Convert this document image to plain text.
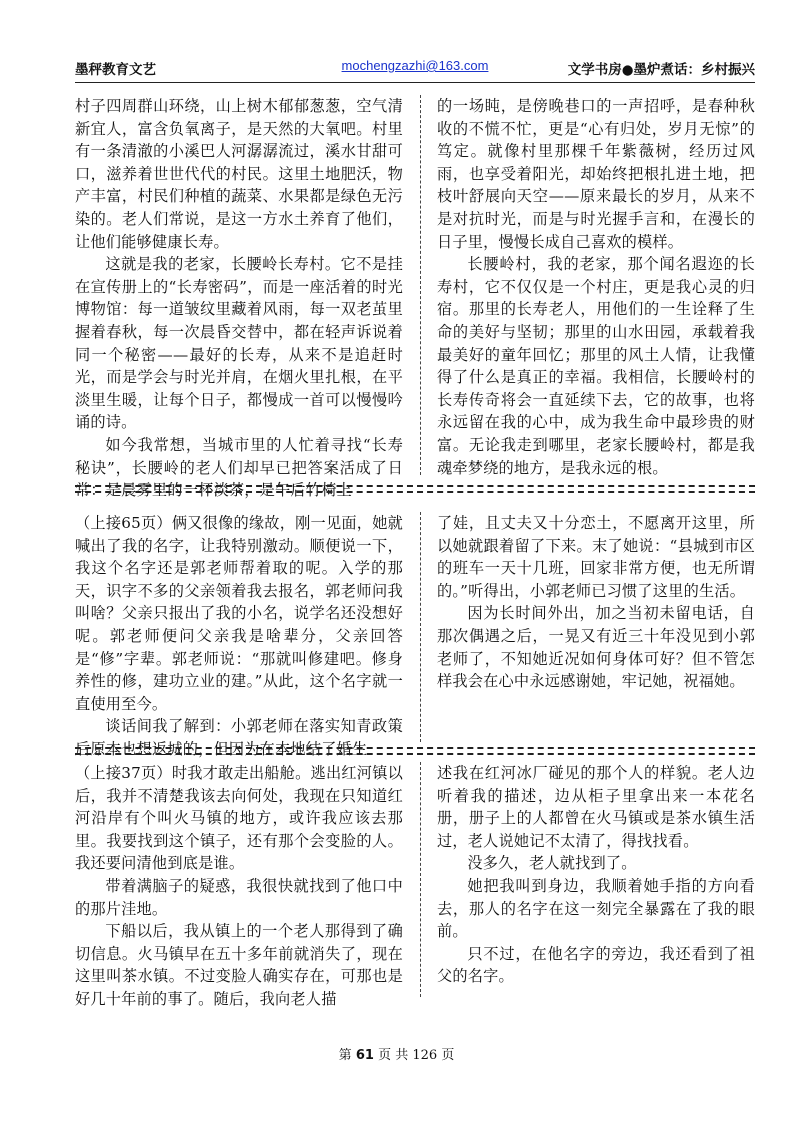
墨秤教育文艺	mochengzazhi@163.com	文学书房●墨炉煮话：乡村振兴

村子四周群山环绕，山上树木郁郁葱葱，空气清新宜人，富含负氧离子，是天然的大氧吧。村里有一条清澈的小溪巴人河潺潺流过，溪水甘甜可口，滋养着世世代代的村民。这里土地肥沃，物产丰富，村民们种植的蔬菜、水果都是绿色无污染的。老人们常说，是这一方水土养育了他们，让他们能够健康长寿。

这就是我的老家，长腰岭长寿村。它不是挂在宣传册上的“长寿密码”，而是一座活着的时光博物馆：每一道皱纹里藏着风雨，每一双老茧里握着春秋，每一次晨昏交替中，都在轻声诉说着同一个秘密——最好的长寿，从来不是追赶时光，而是学会与时光并肩，在烟火里扎根，在平淡里生暖，让每个日子，都慢成一首可以慢慢吟诵的诗。

如今我常想，当城市里的人忙着寻找“长寿秘诀”，长腰岭的老人们却早已把答案活成了日常：是晨雾里的一杯淡茶，是午后竹椅上

的一场盹，是傍晚巷口的一声招呼，是春种秋收的不慌不忙，更是“心有归处，岁月无惊”的笃定。就像村里那棵千年紫薇树，经历过风雨，也享受着阳光，却始终把根扎进土地，把枝叶舒展向天空——原来最长的岁月，从来不是对抗时光，而是与时光握手言和，在漫长的日子里，慢慢长成自己喜欢的模样。

长腰岭村，我的老家，那个闻名遐迩的长寿村，它不仅仅是一个村庄，更是我心灵的归宿。那里的长寿老人，用他们的一生诠释了生命的美好与坚韧；那里的山水田园，承载着我最美好的童年回忆；那里的风土人情，让我懂得了什么是真正的幸福。我相信，长腰岭村的长寿传奇将会一直延续下去，它的故事，也将永远留在我的心中，成为我生命中最珍贵的财富。无论我走到哪里，老家长腰岭村，都是我魂牵梦绕的地方，是我永远的根。

（上接65页）俩又很像的缘故，刚一见面，她就喊出了我的名字，让我特别激动。顺便说一下，我这个名字还是郭老师帮着取的呢。入学的那天，识字不多的父亲领着我去报名，郭老师问我叫啥？父亲只报出了我的小名，说学名还没想好呢。郭老师便问父亲我是啥辈分，父亲回答是“修”字辈。郭老师说：“那就叫修建吧。修身养性的修，建功立业的建。”从此，这个名字就一直使用至今。

谈话间我了解到：小郭老师在落实知青政策后原本也想返城的，但因为在本地结了婚生

了娃，且丈夫又十分恋土，不愿离开这里，所以她就跟着留了下来。末了她说：“县城到市区的班车一天十几班，回家非常方便，也无所谓的。”听得出，小郭老师已习惯了这里的生活。

因为长时间外出，加之当初未留电话，自那次偶遇之后，一晃又有近三十年没见到小郭老师了，不知她近况如何身体可好？但不管怎样我会在心中永远感谢她，牢记她，祝福她。

（上接37页）时我才敢走出船舱。逃出红河镇以后，我并不清楚我该去向何处，我现在只知道红河沿岸有个叫火马镇的地方，或许我应该去那里。我要找到这个镇子，还有那个会变脸的人。我还要问清他到底是谁。

带着满脑子的疑惑，我很快就找到了他口中的那片洼地。

下船以后，我从镇上的一个老人那得到了确切信息。火马镇早在五十多年前就消失了，现在这里叫茶水镇。不过变脸人确实存在，可那也是好几十年前的事了。随后，我向老人描

述我在红河冰厂碰见的那个人的样貌。老人边听着我的描述，边从柜子里拿出来一本花名册，册子上的人都曾在火马镇或是茶水镇生活过，老人说她记不太清了，得找找看。

没多久，老人就找到了。

她把我叫到身边，我顺着她手指的方向看去，那人的名字在这一刻完全暴露在了我的眼前。

只不过，在他名字的旁边，我还看到了祖父的名字。

第 61 页 共 126 页
